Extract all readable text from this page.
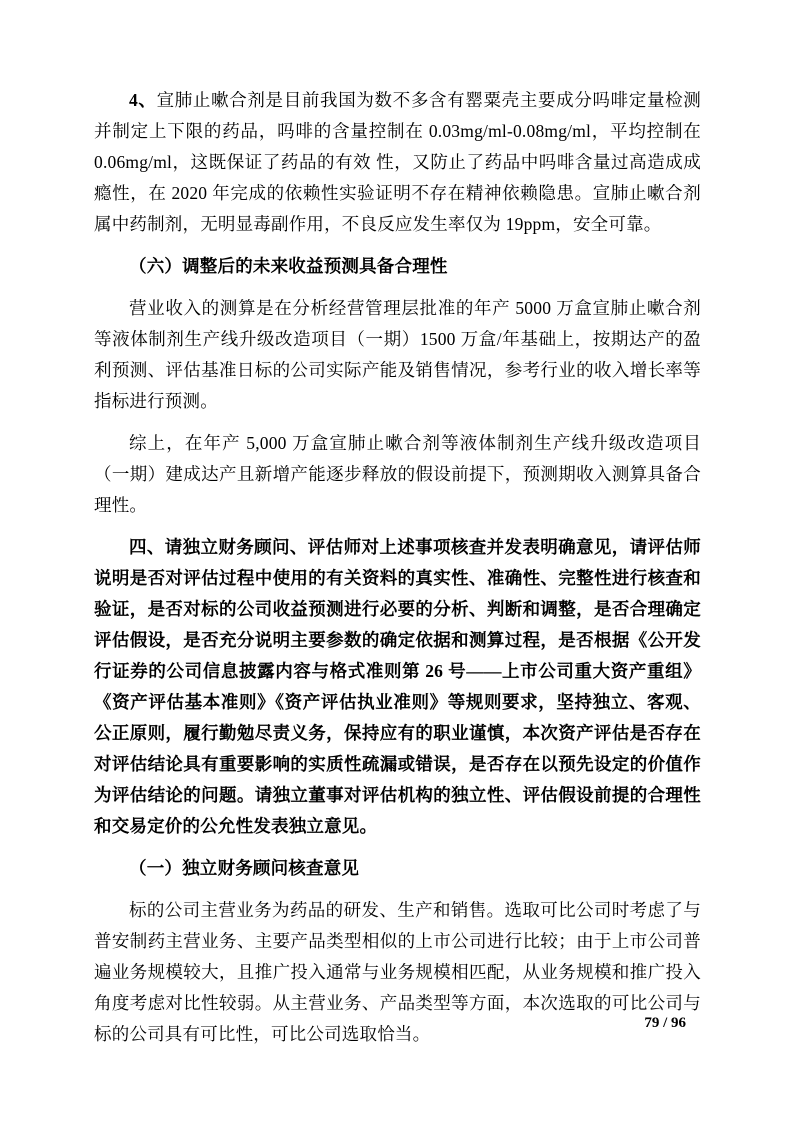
4、宣肺止嗽合剂是目前我国为数不多含有罂粟壳主要成分吗啡定量检测并制定上下限的药品，吗啡的含量控制在 0.03mg/ml-0.08mg/ml，平均控制在 0.06mg/ml，这既保证了药品的有效 性，又防止了药品中吗啡含量过高造成成瘾性，在 2020 年完成的依赖性实验证明不存在精神依赖隐患。宣肺止嗽合剂属中药制剂，无明显毒副作用，不良反应发生率仅为 19ppm，安全可靠。

（六）调整后的未来收益预测具备合理性

营业收入的测算是在分析经营管理层批准的年产 5000 万盒宣肺止嗽合剂等液体制剂生产线升级改造项目（一期）1500 万盒/年基础上，按期达产的盈利预测、评估基准日标的公司实际产能及销售情况，参考行业的收入增长率等指标进行预测。

综上，在年产 5,000 万盒宣肺止嗽合剂等液体制剂生产线升级改造项目（一期）建成达产且新增产能逐步释放的假设前提下，预测期收入测算具备合理性。

四、请独立财务顾问、评估师对上述事项核查并发表明确意见，请评估师说明是否对评估过程中使用的有关资料的真实性、准确性、完整性进行核查和验证，是否对标的公司收益预测进行必要的分析、判断和调整，是否合理确定评估假设，是否充分说明主要参数的确定依据和测算过程，是否根据《公开发行证券的公司信息披露内容与格式准则第 26 号——上市公司重大资产重组》《资产评估基本准则》《资产评估执业准则》等规则要求，坚持独立、客观、公正原则，履行勤勉尽责义务，保持应有的职业谨慎，本次资产评估是否存在对评估结论具有重要影响的实质性疏漏或错误，是否存在以预先设定的价值作为评估结论的问题。请独立董事对评估机构的独立性、评估假设前提的合理性和交易定价的公允性发表独立意见。

（一）独立财务顾问核查意见

标的公司主营业务为药品的研发、生产和销售。选取可比公司时考虑了与普安制药主营业务、主要产品类型相似的上市公司进行比较；由于上市公司普遍业务规模较大，且推广投入通常与业务规模相匹配，从业务规模和推广投入角度考虑对比性较弱。从主营业务、产品类型等方面，本次选取的可比公司与标的公司具有可比性，可比公司选取恰当。

79 / 96
